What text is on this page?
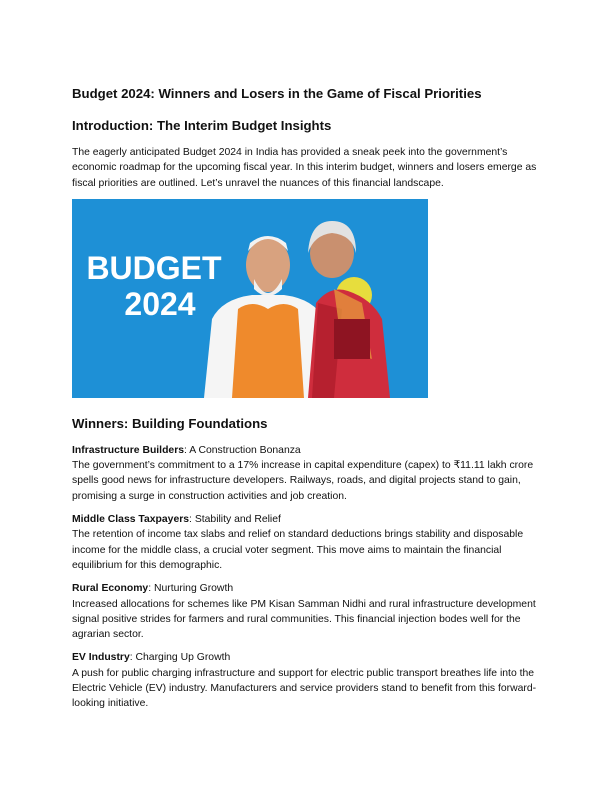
Budget 2024: Winners and Losers in the Game of Fiscal Priorities
Introduction: The Interim Budget Insights

The eagerly anticipated Budget 2024 in India has provided a sneak peek into the government’s economic roadmap for the upcoming fiscal year. In this interim budget, winners and losers emerge as fiscal priorities are outlined. Let’s unravel the nuances of this financial landscape.

BUDGET
2024
Winners: Building Foundations

Infrastructure Builders: A Construction Bonanza

The government’s commitment to a 17% increase in capital expenditure (capex) to ₹11.11 lakh crore spells good news for infrastructure developers. Railways, roads, and digital projects stand to gain, promising a surge in construction activities and job creation.

Middle Class Taxpayers: Stability and Relief

The retention of income tax slabs and relief on standard deductions brings stability and disposable income for the middle class, a crucial voter segment. This move aims to maintain the financial equilibrium for this demographic.

Rural Economy: Nurturing Growth

Increased allocations for schemes like PM Kisan Samman Nidhi and rural infrastructure development signal positive strides for farmers and rural communities. This financial injection bodes well for the agrarian sector.

EV Industry: Charging Up Growth

A push for public charging infrastructure and support for electric public transport breathes life into the Electric Vehicle (EV) industry. Manufacturers and service providers stand to benefit from this forward-looking initiative.
